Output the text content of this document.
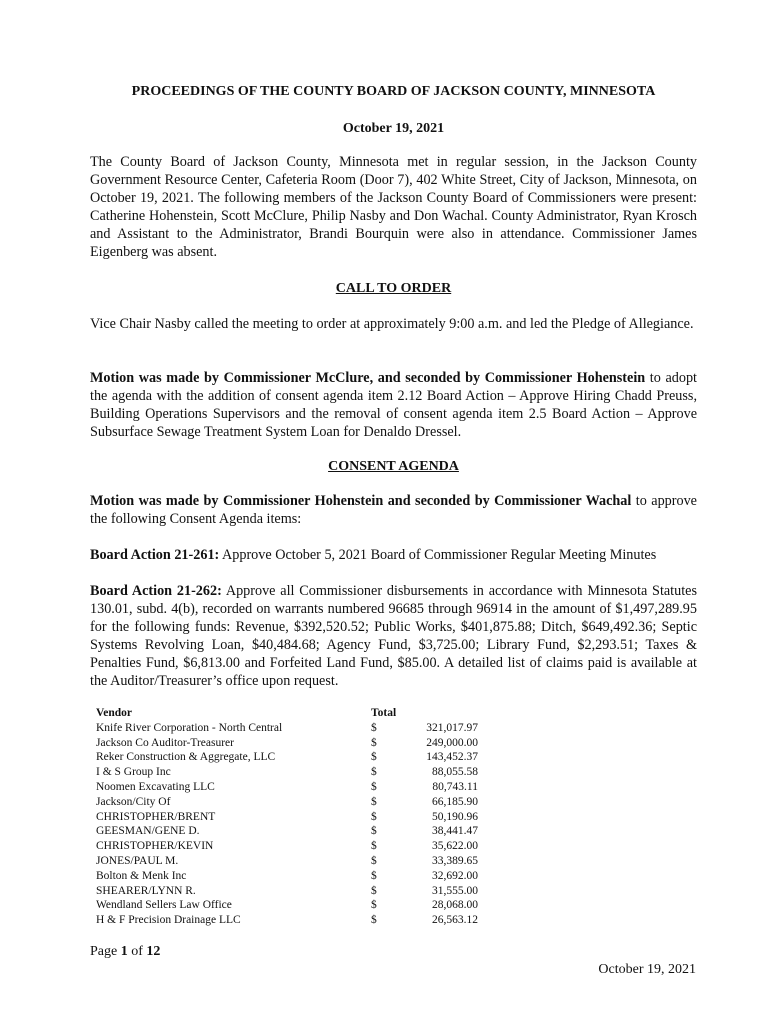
PROCEEDINGS OF THE COUNTY BOARD OF JACKSON COUNTY, MINNESOTA
October 19, 2021

The County Board of Jackson County, Minnesota met in regular session, in the Jackson County Government Resource Center, Cafeteria Room (Door 7), 402 White Street, City of Jackson, Minnesota, on October 19, 2021. The following members of the Jackson County Board of Commissioners were present: Catherine Hohenstein, Scott McClure, Philip Nasby and Don Wachal. County Administrator, Ryan Krosch and Assistant to the Administrator, Brandi Bourquin were also in attendance. Commissioner James Eigenberg was absent.

CALL TO ORDER

Vice Chair Nasby called the meeting to order at approximately 9:00 a.m. and led the Pledge of Allegiance.

Motion was made by Commissioner McClure, and seconded by Commissioner Hohenstein to adopt the agenda with the addition of consent agenda item 2.12 Board Action – Approve Hiring Chadd Preuss, Building Operations Supervisors and the removal of consent agenda item 2.5 Board Action – Approve Subsurface Sewage Treatment System Loan for Denaldo Dressel.

CONSENT AGENDA

Motion was made by Commissioner Hohenstein and seconded by Commissioner Wachal to approve the following Consent Agenda items:

Board Action 21-261: Approve October 5, 2021 Board of Commissioner Regular Meeting Minutes

Board Action 21-262: Approve all Commissioner disbursements in accordance with Minnesota Statutes 130.01, subd. 4(b), recorded on warrants numbered 96685 through 96914 in the amount of $1,497,289.95 for the following funds: Revenue, $392,520.52; Public Works, $401,875.88; Ditch, $649,492.36; Septic Systems Revolving Loan, $40,484.68; Agency Fund, $3,725.00; Library Fund, $2,293.51; Taxes & Penalties Fund, $6,813.00 and Forfeited Land Fund, $85.00. A detailed list of claims paid is available at the Auditor/Treasurer’s office upon request.

Vendor	Total	
Knife River Corporation - North Central	$	321,017.97
Jackson Co Auditor-Treasurer	$	249,000.00
Reker Construction & Aggregate, LLC	$	143,452.37
I & S Group Inc	$	88,055.58
Noomen Excavating LLC	$	80,743.11
Jackson/City Of	$	66,185.90
CHRISTOPHER/BRENT	$	50,190.96
GEESMAN/GENE D.	$	38,441.47
CHRISTOPHER/KEVIN	$	35,622.00
JONES/PAUL M.	$	33,389.65
Bolton & Menk Inc	$	32,692.00
SHEARER/LYNN R.	$	31,555.00
Wendland Sellers Law Office	$	28,068.00
H & F Precision Drainage LLC	$	26,563.12
Page 1 of 12
October 19, 2021
